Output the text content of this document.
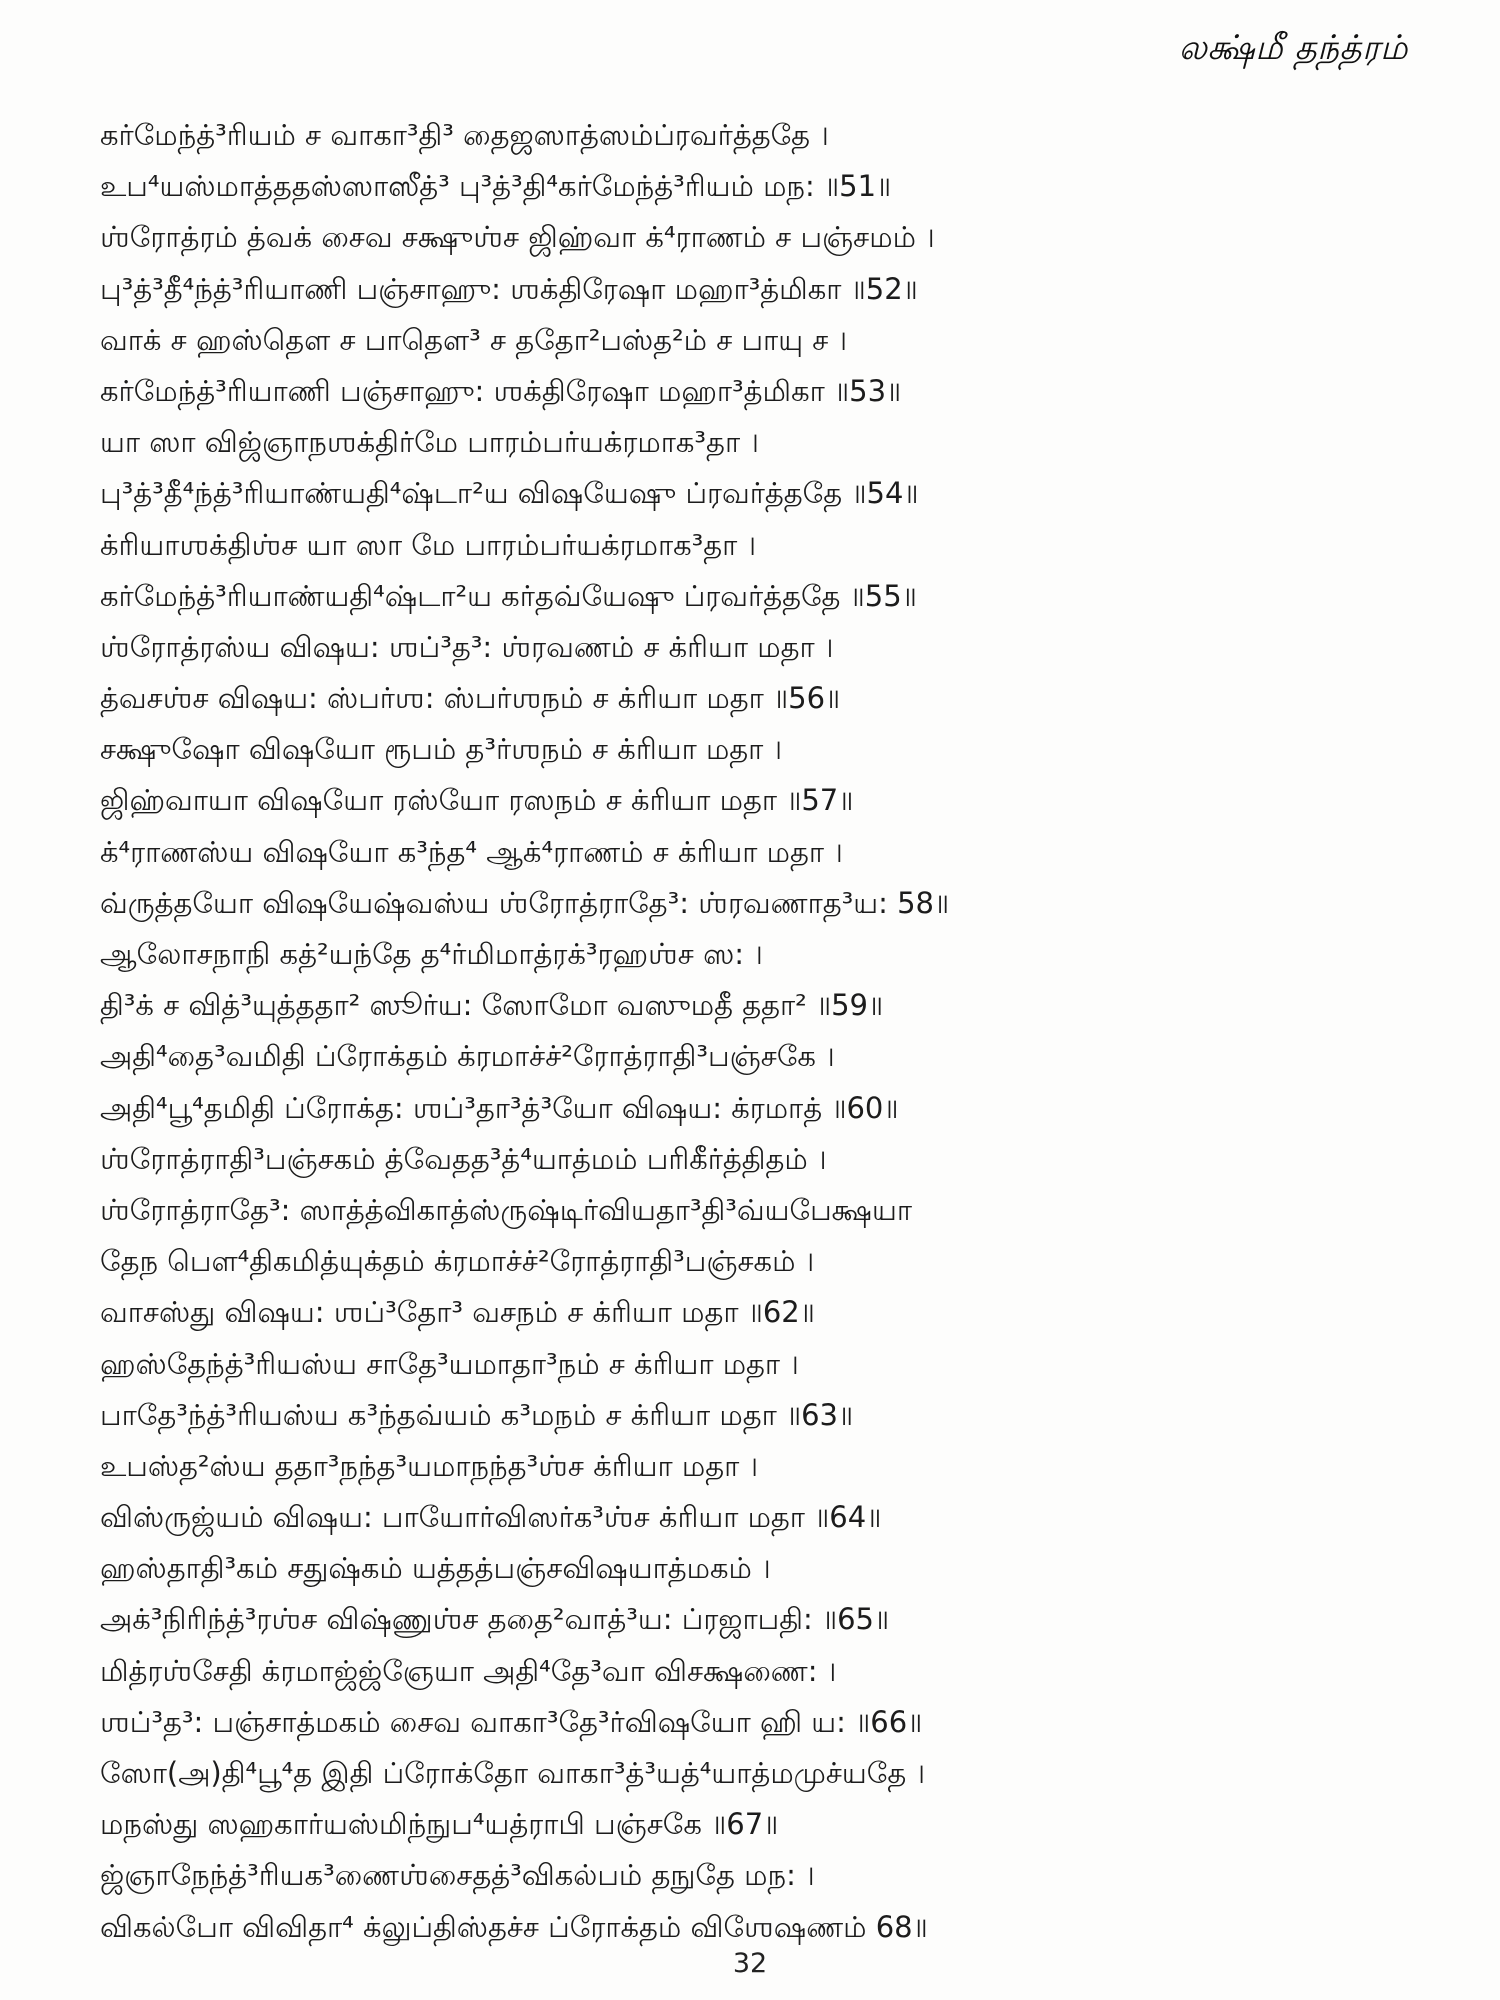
லக்ஷ்மீ தந்த்ரம்
கர்மேந்த்³ரியம் ச வாகா³தி³ தைஜஸாத்ஸம்ப்ரவர்த்ததே ।
உப⁴யஸ்மாத்ததஸ்ஸாஸீத்³ பு³த்³தி⁴கர்மேந்த்³ரியம் மந: ॥51॥
ஶ்ரோத்ரம் த்வக் சைவ சக்ஷுஶ்ச ஜிஹ்வா க்⁴ராணம் ச பஞ்சமம் ।
பு³த்³தீ⁴ந்த்³ரியாணி பஞ்சாஹு: ஶக்திரேஷா மஹா³த்மிகா ॥52॥
வாக் ச ஹஸ்தௌ ச பாதௌ³ ச ததோ²பஸ்த²ம் ச பாயு ச ।
கர்மேந்த்³ரியாணி பஞ்சாஹு: ஶக்திரேஷா மஹா³த்மிகா ॥53॥
யா ஸா விஜ்ஞாநஶக்திர்மே பாரம்பர்யக்ரமாக³தா ।
பு³த்³தீ⁴ந்த்³ரியாண்யதி⁴ஷ்டா²ய விஷயேஷு ப்ரவர்த்ததே ॥54॥
க்ரியாஶக்திஶ்ச யா ஸா மே பாரம்பர்யக்ரமாக³தா ।
கர்மேந்த்³ரியாண்யதி⁴ஷ்டா²ய கர்தவ்யேஷு ப்ரவர்த்ததே ॥55॥
ஶ்ரோத்ரஸ்ய விஷய: ஶப்³த³: ஶ்ரவணம் ச க்ரியா மதா ।
த்வசஶ்ச விஷய: ஸ்பர்ஶ: ஸ்பர்ஶநம் ச க்ரியா மதா ॥56॥
சக்ஷுஷோ விஷயோ ரூபம் த³ர்ஶநம் ச க்ரியா மதா ।
ஜிஹ்வாயா விஷயோ ரஸ்யோ ரஸநம் ச க்ரியா மதா ॥57॥
க்⁴ராணஸ்ய விஷயோ க³ந்த⁴ ஆக்⁴ராணம் ச க்ரியா மதா ।
வ்ருத்தயோ விஷயேஷ்வஸ்ய ஶ்ரோத்ராதே³: ஶ்ரவணாத³ய: 58॥
ஆலோசநாநி கத்²யந்தே த⁴ர்மிமாத்ரக்³ரஹஶ்ச ஸ: ।
தி³க் ச வித்³யுத்ததா² ஸூர்ய: ஸோமோ வஸுமதீ ததா² ॥59॥
அதி⁴தை³வமிதி ப்ரோக்தம் க்ரமாச்ச்²ரோத்ராதி³பஞ்சகே ।
அதி⁴பூ⁴தமிதி ப்ரோக்த: ஶப்³தா³த்³யோ விஷய: க்ரமாத் ॥60॥
ஶ்ரோத்ராதி³பஞ்சகம் த்வேதத³த்⁴யாத்மம் பரிகீர்த்திதம் ।
ஶ்ரோத்ராதே³: ஸாத்த்விகாத்ஸ்ருஷ்டிர்வியதா³தி³வ்யபேக்ஷயா
தேந பௌ⁴திகமித்யுக்தம் க்ரமாச்ச்²ரோத்ராதி³பஞ்சகம் ।
வாசஸ்து விஷய: ஶப்³தோ³ வசநம் ச க்ரியா மதா ॥62॥
ஹஸ்தேந்த்³ரியஸ்ய சாதே³யமாதா³நம் ச க்ரியா மதா ।
பாதே³ந்த்³ரியஸ்ய க³ந்தவ்யம் க³மநம் ச க்ரியா மதா ॥63॥
உபஸ்த²ஸ்ய ததா³நந்த³யமாநந்த³ஶ்ச க்ரியா மதா ।
விஸ்ருஜ்யம் விஷய: பாயோர்விஸர்க³ஶ்ச க்ரியா மதா ॥64॥
ஹஸ்தாதி³கம் சதுஷ்கம் யத்தத்பஞ்சவிஷயாத்மகம் ।
அக்³நிரிந்த்³ரஶ்ச விஷ்ணுஶ்ச ததை²வாத்³ய: ப்ரஜாபதி: ॥65॥
மித்ரஶ்சேதி க்ரமாஜ்ஜ்ஞேயா அதி⁴தே³வா விசக்ஷணை: ।
ஶப்³த³: பஞ்சாத்மகம் சைவ வாகா³தே³ர்விஷயோ ஹி ய: ॥66॥
ஸோ(அ)தி⁴பூ⁴த இதி ப்ரோக்தோ வாகா³த்³யத்⁴யாத்மமுச்யதே ।
மநஸ்து ஸஹகார்யஸ்மிந்நுப⁴யத்ராபி பஞ்சகே ॥67॥
ஜ்ஞாநேந்த்³ரியக³ணைஶ்சைதத்³விகல்பம் தநுதே மந: ।
விகல்போ விவிதா⁴ க்லுப்திஸ்தச்ச ப்ரோக்தம் விஶேஷணம் 68॥
32
